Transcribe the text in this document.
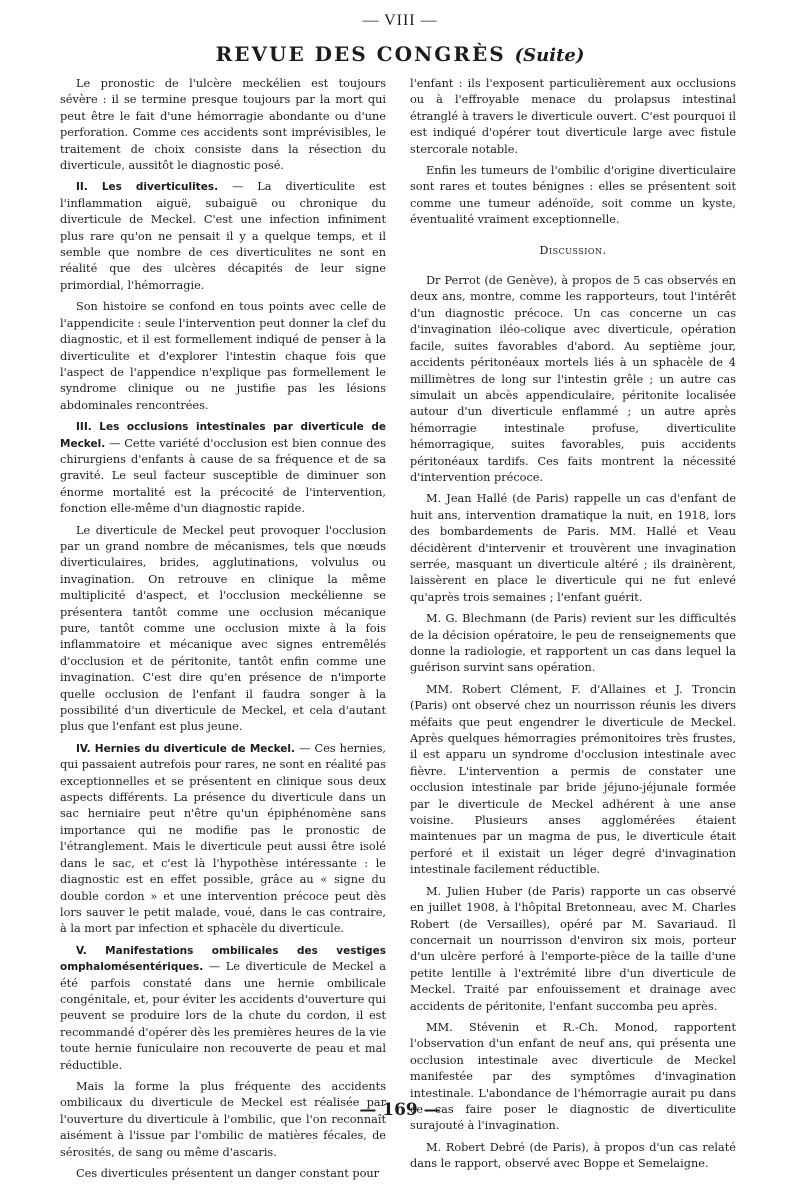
— VIII —
REVUE DES CONGRÈS (Suite)

Le pronostic de l'ulcère meckélien est toujours sévère : il se termine presque toujours par la mort qui peut être le fait d'une hémorragie abondante ou d'une perforation. Comme ces accidents sont imprévisibles, le traitement de choix consiste dans la résection du diverticule, aussitôt le diagnostic posé.

II. Les diverticulites. — La diverticulite est l'inflammation aiguë, subaiguë ou chronique du diverticule de Meckel. C'est une infection infiniment plus rare qu'on ne pensait il y a quelque temps, et il semble que nombre de ces diverticulites ne sont en réalité que des ulcères décapités de leur signe primordial, l'hémorragie.

Son histoire se confond en tous points avec celle de l'appendicite : seule l'intervention peut donner la clef du diagnostic, et il est formellement indiqué de penser à la diverticulite et d'explorer l'intestin chaque fois que l'aspect de l'appendice n'explique pas formellement le syndrome clinique ou ne justifie pas les lésions abdominales rencontrées.

III. Les occlusions intestinales par diverticule de Meckel. — Cette variété d'occlusion est bien connue des chirurgiens d'enfants à cause de sa fréquence et de sa gravité. Le seul facteur susceptible de diminuer son énorme mortalité est la précocité de l'intervention, fonction elle-même d'un diagnostic rapide.

Le diverticule de Meckel peut provoquer l'occlusion par un grand nombre de mécanismes, tels que nœuds diverticulaires, brides, agglutinations, volvulus ou invagination. On retrouve en clinique la même multiplicité d'aspect, et l'occlusion meckélienne se présentera tantôt comme une occlusion mécanique pure, tantôt comme une occlusion mixte à la fois inflammatoire et mécanique avec signes entremêlés d'occlusion et de péritonite, tantôt enfin comme une invagination. C'est dire qu'en présence de n'importe quelle occlusion de l'enfant il faudra songer à la possibilité d'un diverticule de Meckel, et cela d'autant plus que l'enfant est plus jeune.

IV. Hernies du diverticule de Meckel. — Ces hernies, qui passaient autrefois pour rares, ne sont en réalité pas exceptionnelles et se présentent en clinique sous deux aspects différents. La présence du diverticule dans un sac herniaire peut n'être qu'un épiphénomène sans importance qui ne modifie pas le pronostic de l'étranglement. Mais le diverticule peut aussi être isolé dans le sac, et c'est là l'hypothèse intéressante : le diagnostic est en effet possible, grâce au « signe du double cordon » et une intervention précoce peut dès lors sauver le petit malade, voué, dans le cas contraire, à la mort par infection et sphacèle du diverticule.

V. Manifestations ombilicales des vestiges omphalomésentériques. — Le diverticule de Meckel a été parfois constaté dans une hernie ombilicale congénitale, et, pour éviter les accidents d'ouverture qui peuvent se produire lors de la chute du cordon, il est recommandé d'opérer dès les premières heures de la vie toute hernie funiculaire non recouverte de peau et mal réductible.

Mais la forme la plus fréquente des accidents ombilicaux du diverticule de Meckel est réalisée par l'ouverture du diverticule à l'ombilic, que l'on reconnaît aisément à l'issue par l'ombilic de matières fécales, de sérosités, de sang ou même d'ascaris.

Ces diverticules présentent un danger constant pour

l'enfant : ils l'exposent particulièrement aux occlusions ou à l'effroyable menace du prolapsus intestinal étranglé à travers le diverticule ouvert. C'est pourquoi il est indiqué d'opérer tout diverticule large avec fistule stercorale notable.

Enfin les tumeurs de l'ombilic d'origine diverticulaire sont rares et toutes bénignes : elles se présentent soit comme une tumeur adénoïde, soit comme un kyste, éventualité vraiment exceptionnelle.

Discussion.

Dr Perrot (de Genève), à propos de 5 cas observés en deux ans, montre, comme les rapporteurs, tout l'intérêt d'un diagnostic précoce. Un cas concerne un cas d'invagination iléo-colique avec diverticule, opération facile, suites favorables d'abord. Au septième jour, accidents péritonéaux mortels liés à un sphacèle de 4 millimètres de long sur l'intestin grêle ; un autre cas simulait un abcès appendiculaire, péritonite localisée autour d'un diverticule enflammé ; un autre après hémorragie intestinale profuse, diverticulite hémorragique, suites favorables, puis accidents péritonéaux tardifs. Ces faits montrent la nécessité d'intervention précoce.

M. Jean Hallé (de Paris) rappelle un cas d'enfant de huit ans, intervention dramatique la nuit, en 1918, lors des bombardements de Paris. MM. Hallé et Veau décidèrent d'intervenir et trouvèrent une invagination serrée, masquant un diverticule altéré ; ils drainèrent, laissèrent en place le diverticule qui ne fut enlevé qu'après trois semaines ; l'enfant guérit.

M. G. Blechmann (de Paris) revient sur les difficultés de la décision opératoire, le peu de renseignements que donne la radiologie, et rapportent un cas dans lequel la guérison survint sans opération.

MM. Robert Clément, F. d'Allaines et J. Troncin (Paris) ont observé chez un nourrisson réunis les divers méfaits que peut engendrer le diverticule de Meckel. Après quelques hémorragies prémonitoires très frustes, il est apparu un syndrome d'occlusion intestinale avec fièvre. L'intervention a permis de constater une occlusion intestinale par bride jéjuno-jéjunale formée par le diverticule de Meckel adhérent à une anse voisine. Plusieurs anses agglomérées étaient maintenues par un magma de pus, le diverticule était perforé et il existait un léger degré d'invagination intestinale facilement réductible.

M. Julien Huber (de Paris) rapporte un cas observé en juillet 1908, à l'hôpital Bretonneau, avec M. Charles Robert (de Versailles), opéré par M. Savariaud. Il concernait un nourrisson d'environ six mois, porteur d'un ulcère perforé à l'emporte-pièce de la taille d'une petite lentille à l'extrémité libre d'un diverticule de Meckel. Traité par enfouissement et drainage avec accidents de péritonite, l'enfant succomba peu après.

MM. Stévenin et R.-Ch. Monod, rapportent l'observation d'un enfant de neuf ans, qui présenta une occlusion intestinale avec diverticule de Meckel manifestée par des symptômes d'invagination intestinale. L'abondance de l'hémorragie aurait pu dans ce cas faire poser le diagnostic de diverticulite surajouté à l'invagination.

M. Robert Debré (de Paris), à propos d'un cas relaté dans le rapport, observé avec Boppe et Semelaigne.

— 169 —
